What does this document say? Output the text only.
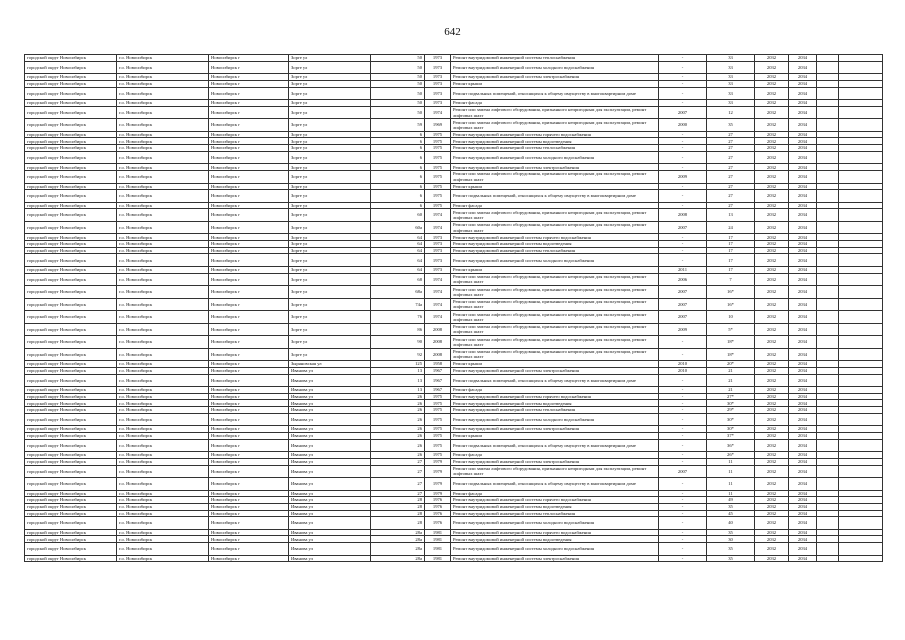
642
городской округ Новосибирск	г.о. Новосибирск	Новосибирск г	Зорге ул	50	1973	Ремонт внутридомовой инженерной системы теплоснабжения	-	33	2032	2034		
городской округ Новосибирск	г.о. Новосибирск	Новосибирск г	Зорге ул	50	1973	Ремонт внутридомовой инженерной системы холодного водоснабжения	-	33	2032	2034		
городской округ Новосибирск	г.о. Новосибирск	Новосибирск г	Зорге ул	50	1973	Ремонт внутридомовой инженерной системы электроснабжения	-	33	2032	2034		
городской округ Новосибирск	г.о. Новосибирск	Новосибирск г	Зорге ул	50	1973	Ремонт крыши	-	33	2032	2034		
городской округ Новосибирск	г.о. Новосибирск	Новосибирск г	Зорге ул	50	1973	Ремонт подвальных помещений, относящихся к общему имуществу в многоквартирном доме	-	33	2032	2034		
городской округ Новосибирск	г.о. Новосибирск	Новосибирск г	Зорге ул	50	1973	Ремонт фасада	-	33	2032	2034		
городской округ Новосибирск	г.о. Новосибирск	Новосибирск г	Зорге ул	50	1974	Ремонт или замена лифтового оборудования, признанного непригодным для эксплуатации, ремонт лифтовых шахт	2007	12	2032	2034		
городской округ Новосибирск	г.о. Новосибирск	Новосибирск г	Зорге ул	59	1969	Ремонт или замена лифтового оборудования, признанного непригодным для эксплуатации, ремонт лифтовых шахт	2000	35	2032	2034		
городской округ Новосибирск	г.о. Новосибирск	Новосибирск г	Зорге ул	6	1975	Ремонт внутридомовой инженерной системы горячего водоснабжения	-	27	2032	2034		
городской округ Новосибирск	г.о. Новосибирск	Новосибирск г	Зорге ул	6	1975	Ремонт внутридомовой инженерной системы водоотведения	-	27	2032	2034		
городской округ Новосибирск	г.о. Новосибирск	Новосибирск г	Зорге ул	6	1975	Ремонт внутридомовой инженерной системы теплоснабжения	-	27	2032	2034		
городской округ Новосибирск	г.о. Новосибирск	Новосибирск г	Зорге ул	6	1975	Ремонт внутридомовой инженерной системы холодного водоснабжения	-	27	2032	2034		
городской округ Новосибирск	г.о. Новосибирск	Новосибирск г	Зорге ул	6	1975	Ремонт внутридомовой инженерной системы электроснабжения	-	27	2032	2034		
городской округ Новосибирск	г.о. Новосибирск	Новосибирск г	Зорге ул	6	1975	Ремонт или замена лифтового оборудования, признанного непригодным для эксплуатации, ремонт лифтовых шахт	2009	27	2032	2034		
городской округ Новосибирск	г.о. Новосибирск	Новосибирск г	Зорге ул	6	1975	Ремонт крыши	-	27	2032	2034		
городской округ Новосибирск	г.о. Новосибирск	Новосибирск г	Зорге ул	6	1975	Ремонт подвальных помещений, относящихся к общему имуществу в многоквартирном доме	-	27	2032	2034		
городской округ Новосибирск	г.о. Новосибирск	Новосибирск г	Зорге ул	6	1975	Ремонт фасада	-	27	2032	2034		
городской округ Новосибирск	г.о. Новосибирск	Новосибирск г	Зорге ул	60	1974	Ремонт или замена лифтового оборудования, признанного непригодным для эксплуатации, ремонт лифтовых шахт	2008	13	2032	2034		
городской округ Новосибирск	г.о. Новосибирск	Новосибирск г	Зорге ул	60а	1974	Ремонт или замена лифтового оборудования, признанного непригодным для эксплуатации, ремонт лифтовых шахт	2007	24	2032	2034		
городской округ Новосибирск	г.о. Новосибирск	Новосибирск г	Зорге ул	64	1973	Ремонт внутридомовой инженерной системы горячего водоснабжения	-	17	2032	2034		
городской округ Новосибирск	г.о. Новосибирск	Новосибирск г	Зорге ул	64	1973	Ремонт внутридомовой инженерной системы водоотведения	-	17	2032	2034		
городской округ Новосибирск	г.о. Новосибирск	Новосибирск г	Зорге ул	64	1973	Ремонт внутридомовой инженерной системы теплоснабжения	-	17	2032	2034		
городской округ Новосибирск	г.о. Новосибирск	Новосибирск г	Зорге ул	64	1973	Ремонт внутридомовой инженерной системы холодного водоснабжения	-	17	2032	2034		
городской округ Новосибирск	г.о. Новосибирск	Новосибирск г	Зорге ул	64	1973	Ремонт крыши	2011	17	2032	2034		
городской округ Новосибирск	г.о. Новосибирск	Новосибирск г	Зорге ул	68	1974	Ремонт или замена лифтового оборудования, признанного непригодным для эксплуатации, ремонт лифтовых шахт	2006	7	2032	2034		
городской округ Новосибирск	г.о. Новосибирск	Новосибирск г	Зорге ул	68а	1974	Ремонт или замена лифтового оборудования, признанного непригодным для эксплуатации, ремонт лифтовых шахт	2007	16*	2032	2034		
городской округ Новосибирск	г.о. Новосибирск	Новосибирск г	Зорге ул	74а	1974	Ремонт или замена лифтового оборудования, признанного непригодным для эксплуатации, ремонт лифтовых шахт	2007	16*	2032	2034		
городской округ Новосибирск	г.о. Новосибирск	Новосибирск г	Зорге ул	76	1974	Ремонт или замена лифтового оборудования, признанного непригодным для эксплуатации, ремонт лифтовых шахт	2007	10	2032	2034		
городской округ Новосибирск	г.о. Новосибирск	Новосибирск г	Зорге ул	86	2008	Ремонт или замена лифтового оборудования, признанного непригодным для эксплуатации, ремонт лифтовых шахт	2009	5*	2032	2034		
городской округ Новосибирск	г.о. Новосибирск	Новосибирск г	Зорге ул	90	2008	Ремонт или замена лифтового оборудования, признанного непригодным для эксплуатации, ремонт лифтовых шахт	-	18*	2032	2034		
городской округ Новосибирск	г.о. Новосибирск	Новосибирск г	Зорге ул	92	2008	Ремонт или замена лифтового оборудования, признанного непригодным для эксплуатации, ремонт лифтовых шахт	-	18*	2032	2034		
городской округ Новосибирск	г.о. Новосибирск	Новосибирск г	Зыряновская ул	125	1958	Ремонт крыши	2010	20*	2032	2034		
городской округ Новосибирск	г.о. Новосибирск	Новосибирск г	Иванова ул	13	1967	Ремонт внутридомовой инженерной системы электроснабжения	2010	21	2032	2034		
городской округ Новосибирск	г.о. Новосибирск	Новосибирск г	Иванова ул	13	1967	Ремонт подвальных помещений, относящихся к общему имуществу в многоквартирном доме	-	21	2032	2034		
городской округ Новосибирск	г.о. Новосибирск	Новосибирск г	Иванова ул	13	1967	Ремонт фасада	-	21	2032	2034		
городской округ Новосибирск	г.о. Новосибирск	Новосибирск г	Иванова ул	26	1975	Ремонт внутридомовой инженерной системы горячего водоснабжения	-	27*	2032	2034		
городской округ Новосибирск	г.о. Новосибирск	Новосибирск г	Иванова ул	26	1975	Ремонт внутридомовой инженерной системы водоотведения	-	30*	2032	2034		
городской округ Новосибирск	г.о. Новосибирск	Новосибирск г	Иванова ул	26	1975	Ремонт внутридомовой инженерной системы теплоснабжения	-	29*	2032	2034		
городской округ Новосибирск	г.о. Новосибирск	Новосибирск г	Иванова ул	26	1975	Ремонт внутридомовой инженерной системы холодного водоснабжения	-	30*	2032	2034		
городской округ Новосибирск	г.о. Новосибирск	Новосибирск г	Иванова ул	26	1975	Ремонт внутридомовой инженерной системы электроснабжения	-	30*	2032	2034		
городской округ Новосибирск	г.о. Новосибирск	Новосибирск г	Иванова ул	26	1975	Ремонт крыши	-	37*	2032	2034		
городской округ Новосибирск	г.о. Новосибирск	Новосибирск г	Иванова ул	26	1975	Ремонт подвальных помещений, относящихся к общему имуществу в многоквартирном доме	-	36*	2032	2034		
городской округ Новосибирск	г.о. Новосибирск	Новосибирск г	Иванова ул	26	1975	Ремонт фасада	-	26*	2032	2034		
городской округ Новосибирск	г.о. Новосибирск	Новосибирск г	Иванова ул	27	1979	Ремонт внутридомовой инженерной системы электроснабжения	-	11	2032	2034		
городской округ Новосибирск	г.о. Новосибирск	Новосибирск г	Иванова ул	27	1979	Ремонт или замена лифтового оборудования, признанного непригодным для эксплуатации, ремонт лифтовых шахт	2007	11	2032	2034		
городской округ Новосибирск	г.о. Новосибирск	Новосибирск г	Иванова ул	27	1979	Ремонт подвальных помещений, относящихся к общему имуществу в многоквартирном доме	-	11	2032	2034		
городской округ Новосибирск	г.о. Новосибирск	Новосибирск г	Иванова ул	27	1979	Ремонт фасада	-	11	2032	2034		
городской округ Новосибирск	г.о. Новосибирск	Новосибирск г	Иванова ул	28	1976	Ремонт внутридомовой инженерной системы горячего водоснабжения	-	49	2032	2034		
городской округ Новосибирск	г.о. Новосибирск	Новосибирск г	Иванова ул	28	1976	Ремонт внутридомовой инженерной системы водоотведения	-	35	2032	2034		
городской округ Новосибирск	г.о. Новосибирск	Новосибирск г	Иванова ул	28	1976	Ремонт внутридомовой инженерной системы теплоснабжения	-	45	2032	2034		
городской округ Новосибирск	г.о. Новосибирск	Новосибирск г	Иванова ул	28	1976	Ремонт внутридомовой инженерной системы холодного водоснабжения	-	40	2032	2034		
городской округ Новосибирск	г.о. Новосибирск	Новосибирск г	Иванова ул	28а	1981	Ремонт внутридомовой инженерной системы горячего водоснабжения	-	35	2032	2034		
городской округ Новосибирск	г.о. Новосибирск	Новосибирск г	Иванова ул	28а	1981	Ремонт внутридомовой инженерной системы водоотведения	-	30	2032	2034		
городской округ Новосибирск	г.о. Новосибирск	Новосибирск г	Иванова ул	28а	1981	Ремонт внутридомовой инженерной системы холодного водоснабжения	-	35	2032	2034		
городской округ Новосибирск	г.о. Новосибирск	Новосибирск г	Иванова ул	28а	1981	Ремонт внутридомовой инженерной системы электроснабжения	-	35	2032	2034		
